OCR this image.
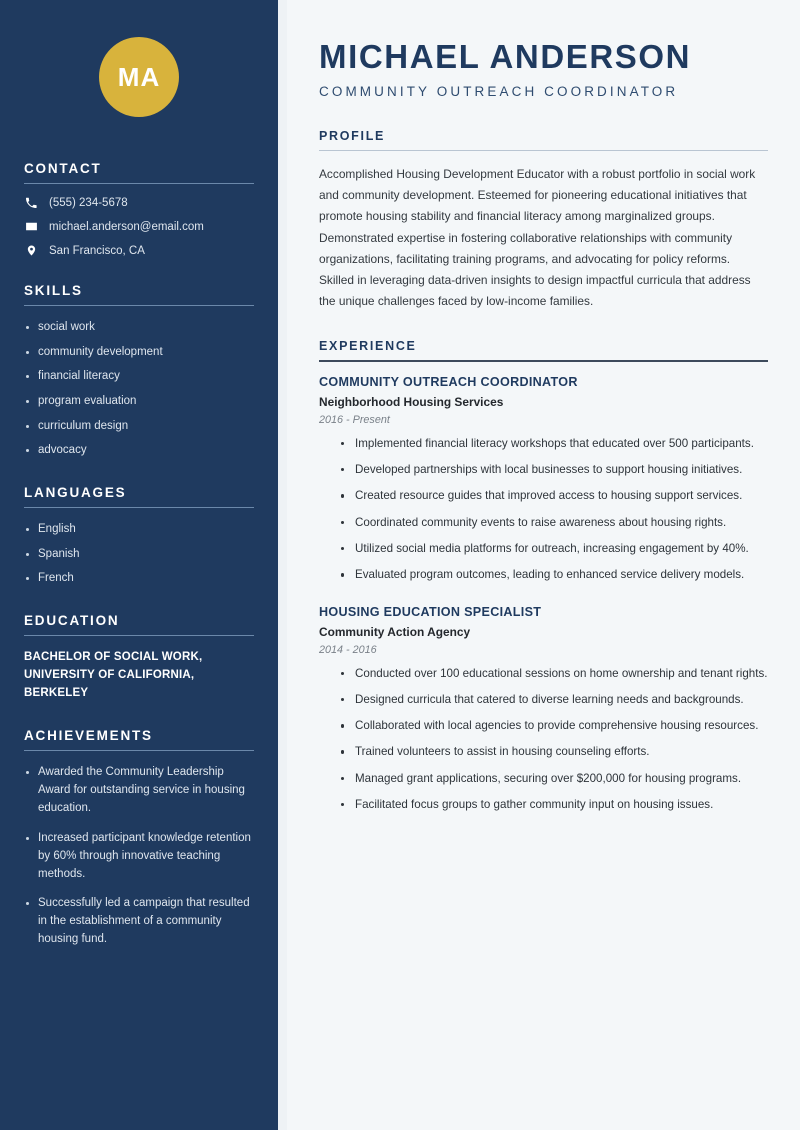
MA
CONTACT
(555) 234-5678
michael.anderson@email.com
San Francisco, CA
SKILLS
social work
community development
financial literacy
program evaluation
curriculum design
advocacy
LANGUAGES
English
Spanish
French
EDUCATION
BACHELOR OF SOCIAL WORK,
UNIVERSITY OF CALIFORNIA, BERKELEY
ACHIEVEMENTS
Awarded the Community Leadership Award for outstanding service in housing education.
Increased participant knowledge retention by 60% through innovative teaching methods.
Successfully led a campaign that resulted in the establishment of a community housing fund.
MICHAEL ANDERSON
COMMUNITY OUTREACH COORDINATOR
PROFILE

Accomplished Housing Development Educator with a robust portfolio in social work and community development. Esteemed for pioneering educational initiatives that promote housing stability and financial literacy among marginalized groups. Demonstrated expertise in fostering collaborative relationships with community organizations, facilitating training programs, and advocating for policy reforms. Skilled in leveraging data-driven insights to design impactful curricula that address the unique challenges faced by low-income families.

EXPERIENCE
COMMUNITY OUTREACH COORDINATOR
Neighborhood Housing Services
2016 - Present
Implemented financial literacy workshops that educated over 500 participants.
Developed partnerships with local businesses to support housing initiatives.
Created resource guides that improved access to housing support services.
Coordinated community events to raise awareness about housing rights.
Utilized social media platforms for outreach, increasing engagement by 40%.
Evaluated program outcomes, leading to enhanced service delivery models.
HOUSING EDUCATION SPECIALIST
Community Action Agency
2014 - 2016
Conducted over 100 educational sessions on home ownership and tenant rights.
Designed curricula that catered to diverse learning needs and backgrounds.
Collaborated with local agencies to provide comprehensive housing resources.
Trained volunteers to assist in housing counseling efforts.
Managed grant applications, securing over $200,000 for housing programs.
Facilitated focus groups to gather community input on housing issues.
